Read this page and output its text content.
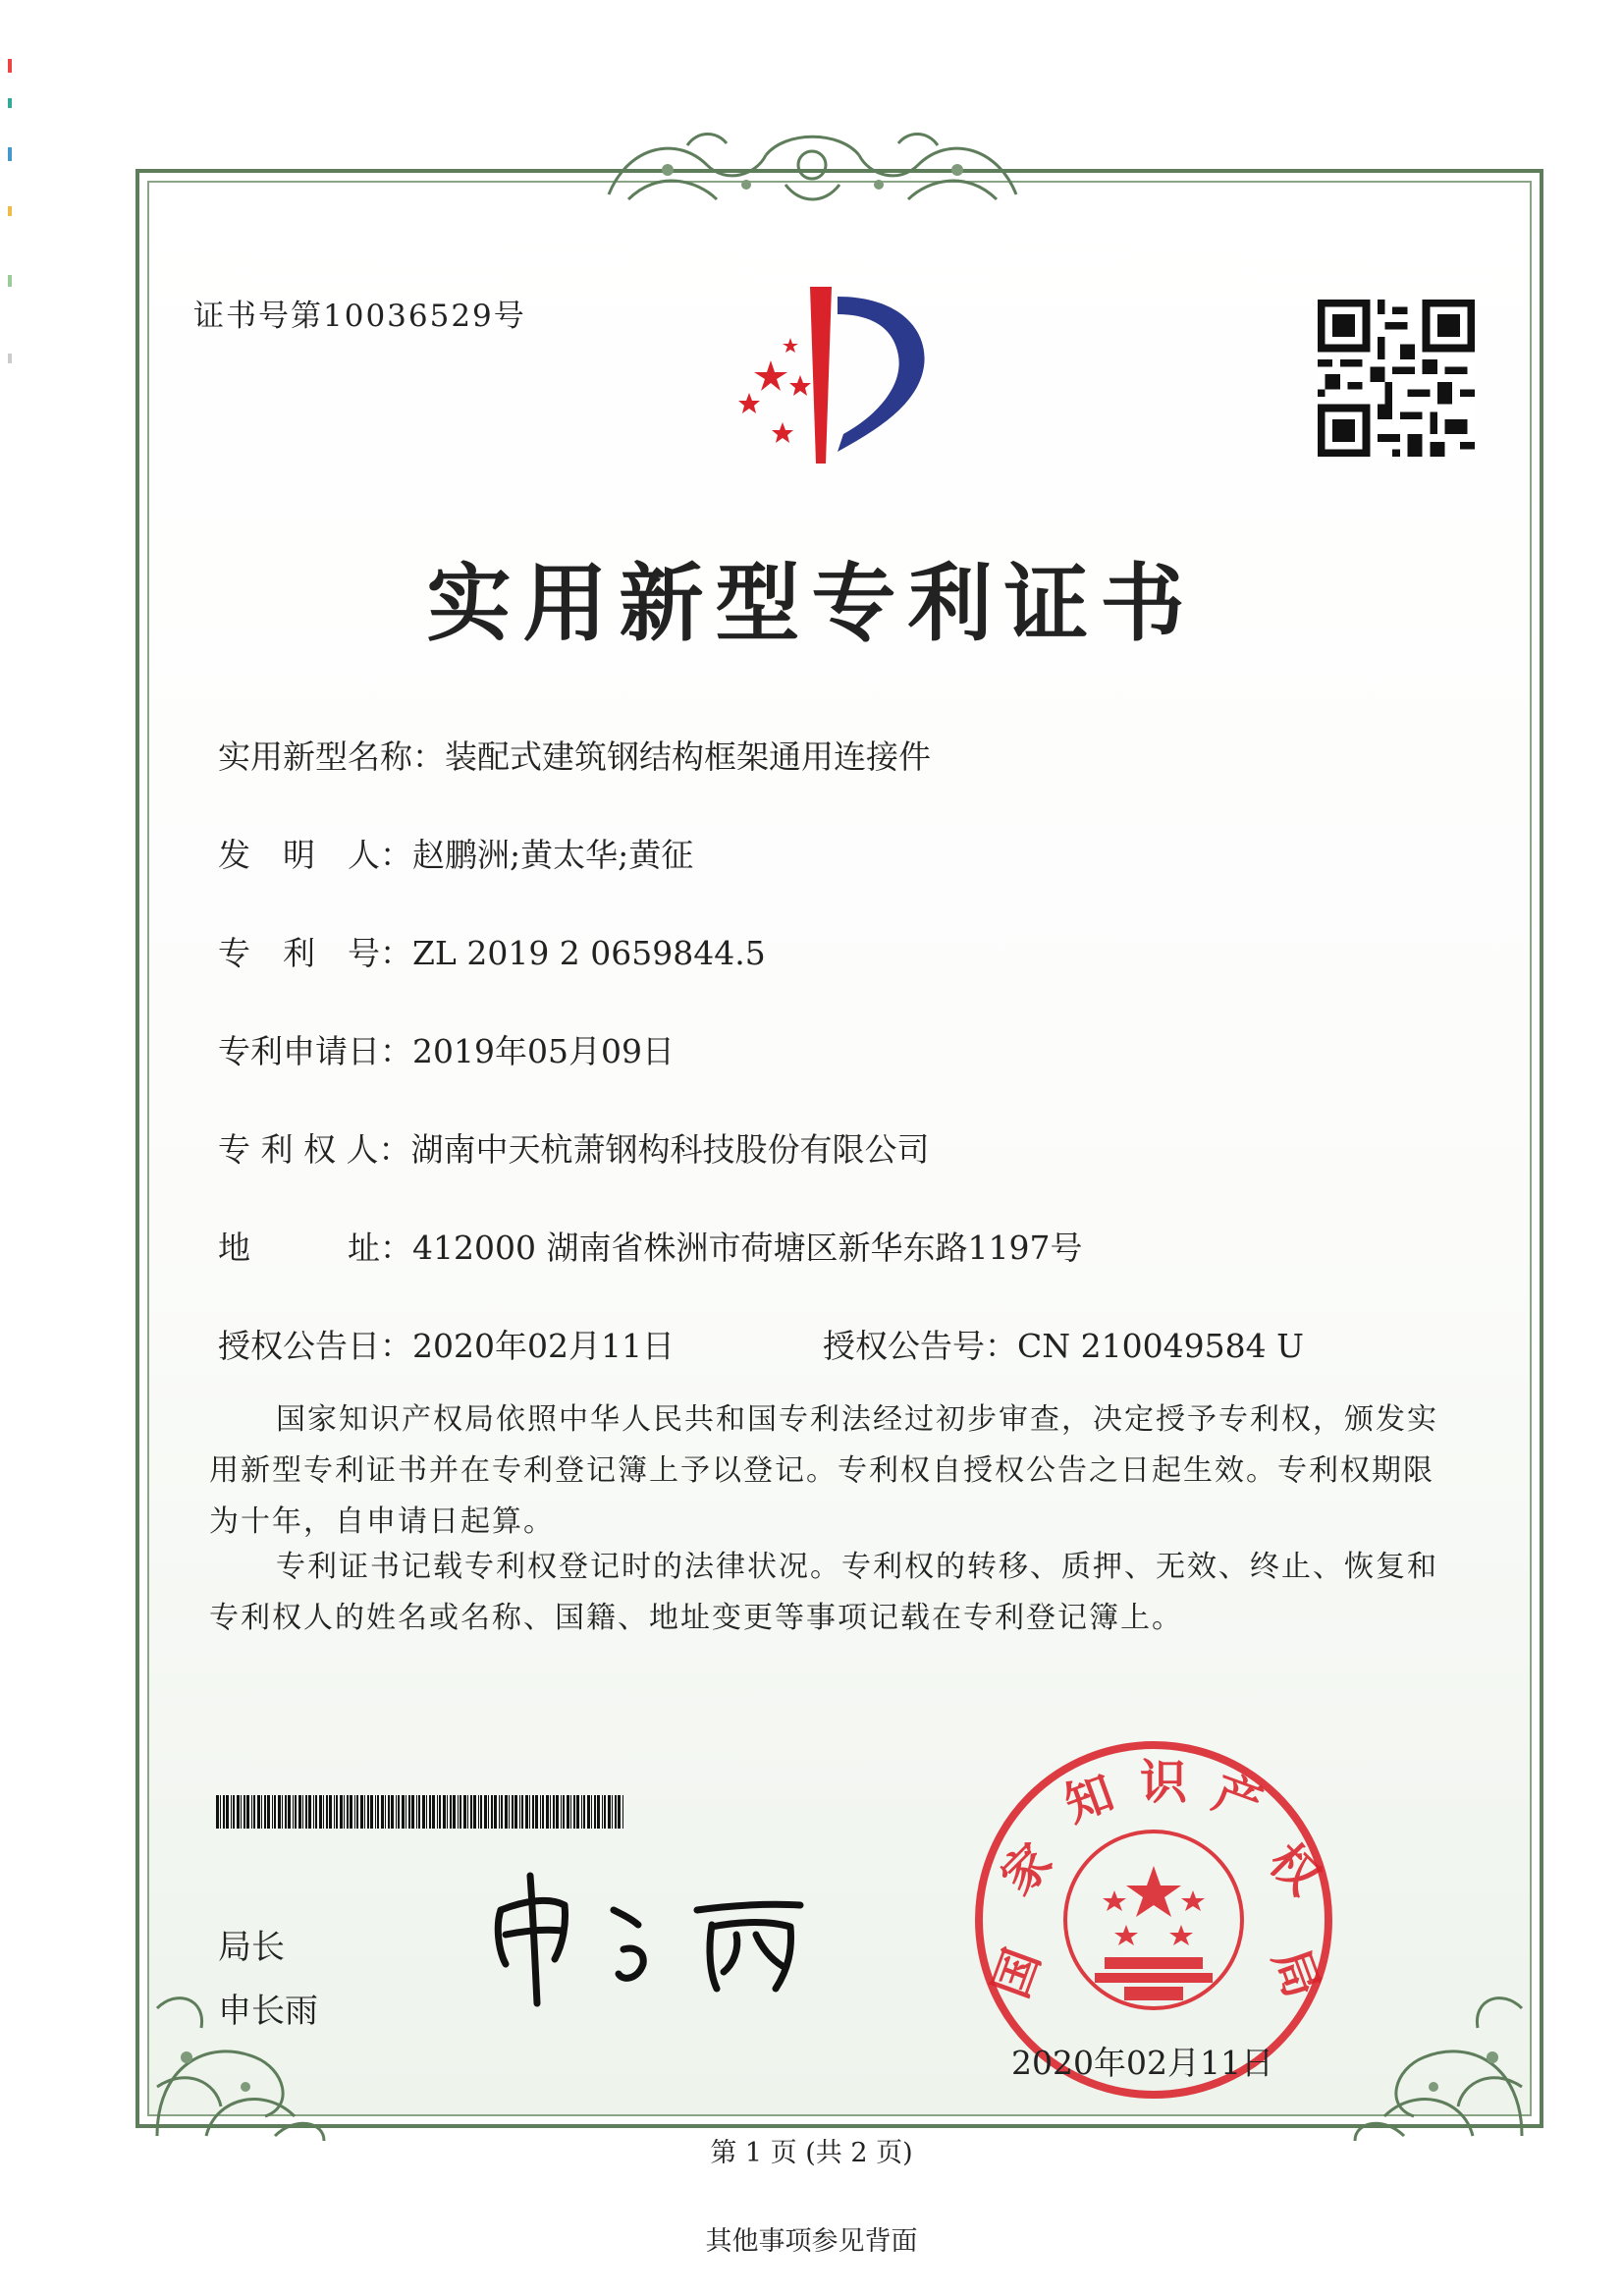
证书号第10036529号
实用新型专利证书
实用新型名称：装配式建筑钢结构框架通用连接件
发　明　人：赵鹏洲;黄太华;黄征
专　利　号：ZL 2019 2 0659844.5
专利申请日：2019年05月09日
专 利 权 人：湖南中天杭萧钢构科技股份有限公司
地　　　址：412000 湖南省株洲市荷塘区新华东路1197号
授权公告日：2020年02月11日	授权公告号：CN 210049584 U
国家知识产权局依照中华人民共和国专利法经过初步审查，决定授予专利权，颁发实用新型专利证书并在专利登记簿上予以登记。专利权自授权公告之日起生效。专利权期限为十年，自申请日起算。
专利证书记载专利权登记时的法律状况。专利权的转移、质押、无效、终止、恢复和专利权人的姓名或名称、国籍、地址变更等事项记载在专利登记簿上。
局长
申长雨
国
家
知 识 产
权
局
2020年02月11日
第 1 页 (共 2 页)
其他事项参见背面
